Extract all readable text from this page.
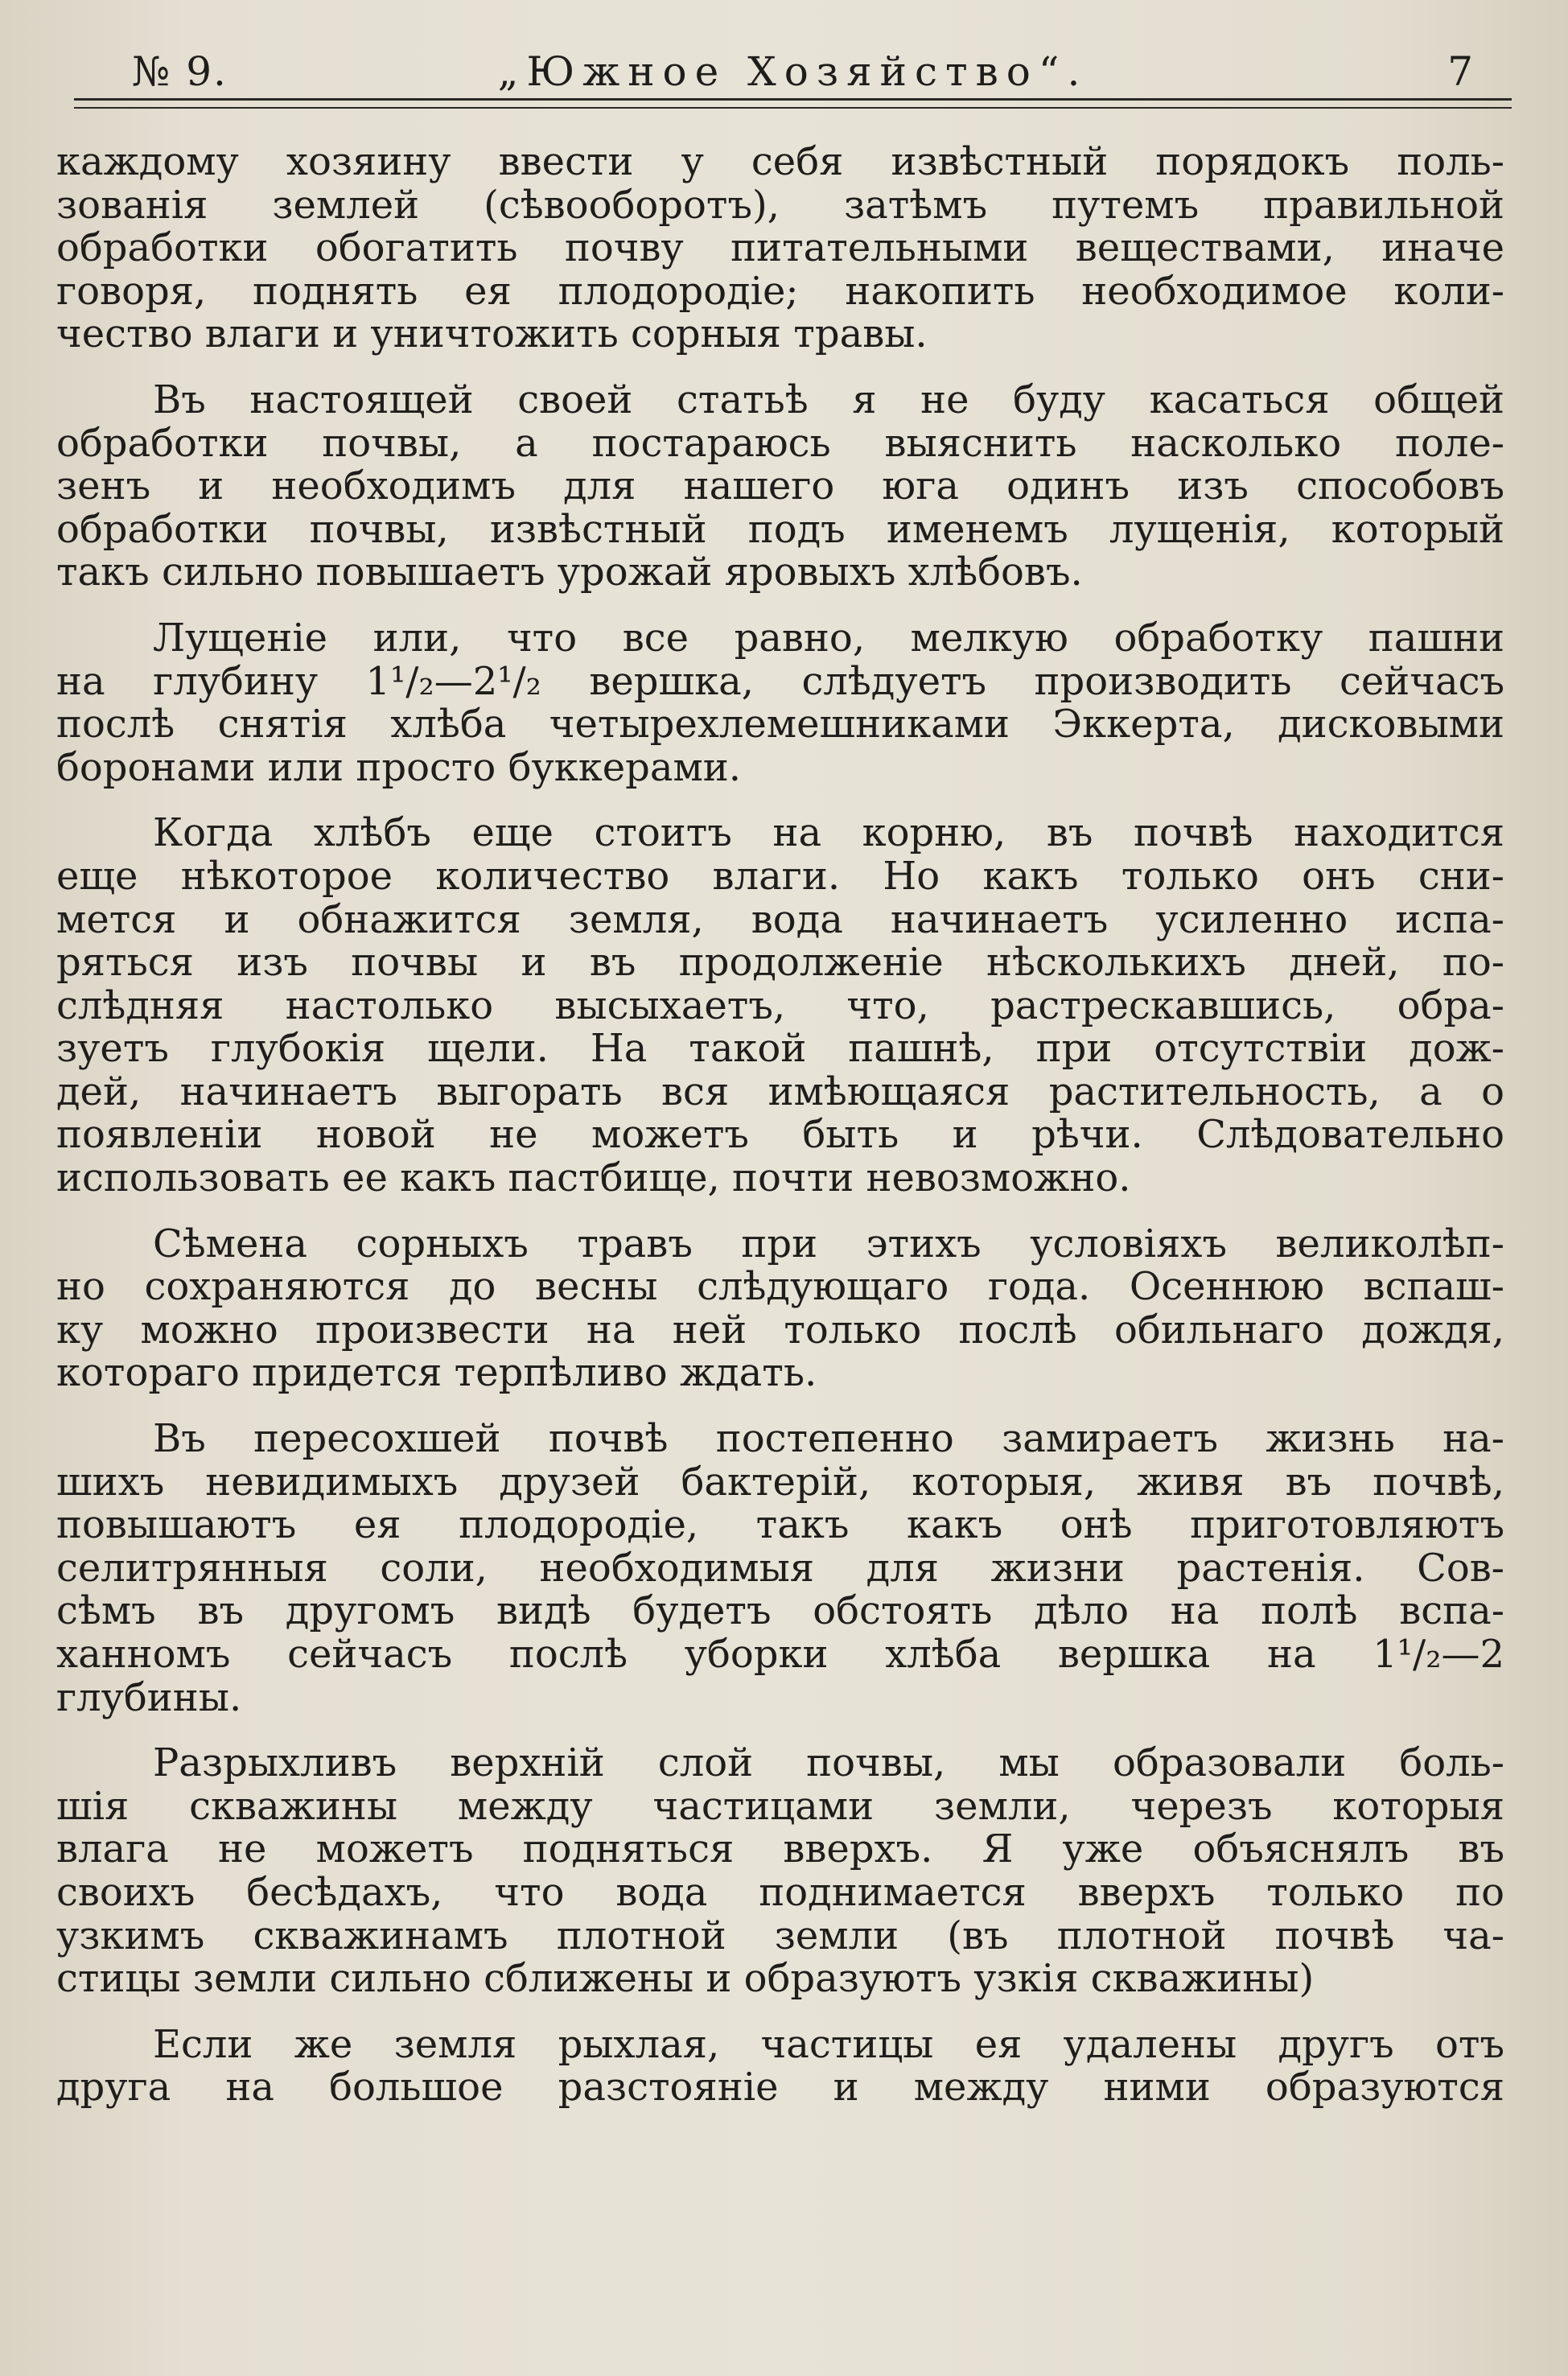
№ 9.	„Южное Хозяйство“.	7
каждому хозяину ввести у себя извѣстный порядокъ поль-
зованія землей (сѣвооборотъ), затѣмъ путемъ правильной
обработки обогатить почву питательными веществами, иначе
говоря, поднять ея плодородіе; накопить необходимое коли-
чество влаги и уничтожить сорныя травы.
Въ настоящей своей статьѣ я не буду касаться общей
обработки почвы, а постараюсь выяснить насколько поле-
зенъ и необходимъ для нашего юга одинъ изъ способовъ
обработки почвы, извѣстный подъ именемъ лущенія, который
такъ сильно повышаетъ урожай яровыхъ хлѣбовъ.
Лущеніе или, что все равно, мелкую обработку пашни
на глубину 1¹/₂—2¹/₂ вершка, слѣдуетъ производить сейчасъ
послѣ снятія хлѣба четырехлемешниками Эккерта, дисковыми
боронами или просто буккерами.
Когда хлѣбъ еще стоитъ на корню, въ почвѣ находится
еще нѣкоторое количество влаги. Но какъ только онъ сни-
мется и обнажится земля, вода начинаетъ усиленно испа-
ряться изъ почвы и въ продолженіе нѣсколькихъ дней, по-
слѣдняя настолько высыхаетъ, что, растрескавшись, обра-
зуетъ глубокія щели. На такой пашнѣ, при отсутствіи дож-
дей, начинаетъ выгорать вся имѣющаяся растительность, а о
появленіи новой не можетъ быть и рѣчи. Слѣдовательно
использовать ее какъ пастбище, почти невозможно.
Сѣмена сорныхъ травъ при этихъ условіяхъ великолѣп-
но сохраняются до весны слѣдующаго года. Осеннюю вспаш-
ку можно произвести на ней только послѣ обильнаго дождя,
котораго придется терпѣливо ждать.
Въ пересохшей почвѣ постепенно замираетъ жизнь на-
шихъ невидимыхъ друзей бактерій, которыя, живя въ почвѣ,
повышаютъ ея плодородіе, такъ какъ онѣ приготовляютъ
селитрянныя соли, необходимыя для жизни растенія. Сов-
сѣмъ въ другомъ видѣ будетъ обстоять дѣло на полѣ вспа-
ханномъ сейчасъ послѣ уборки хлѣба вершка на 1¹/₂—2
глубины.
Разрыхливъ верхній слой почвы, мы образовали боль-
шія скважины между частицами земли, черезъ которыя
влага не можетъ подняться вверхъ. Я уже объяснялъ въ
своихъ бесѣдахъ, что вода поднимается вверхъ только по
узкимъ скважинамъ плотной земли (въ плотной почвѣ ча-
стицы земли сильно сближены и образуютъ узкія скважины)
Если же земля рыхлая, частицы ея удалены другъ отъ
друга на большое разстояніе и между ними образуются
